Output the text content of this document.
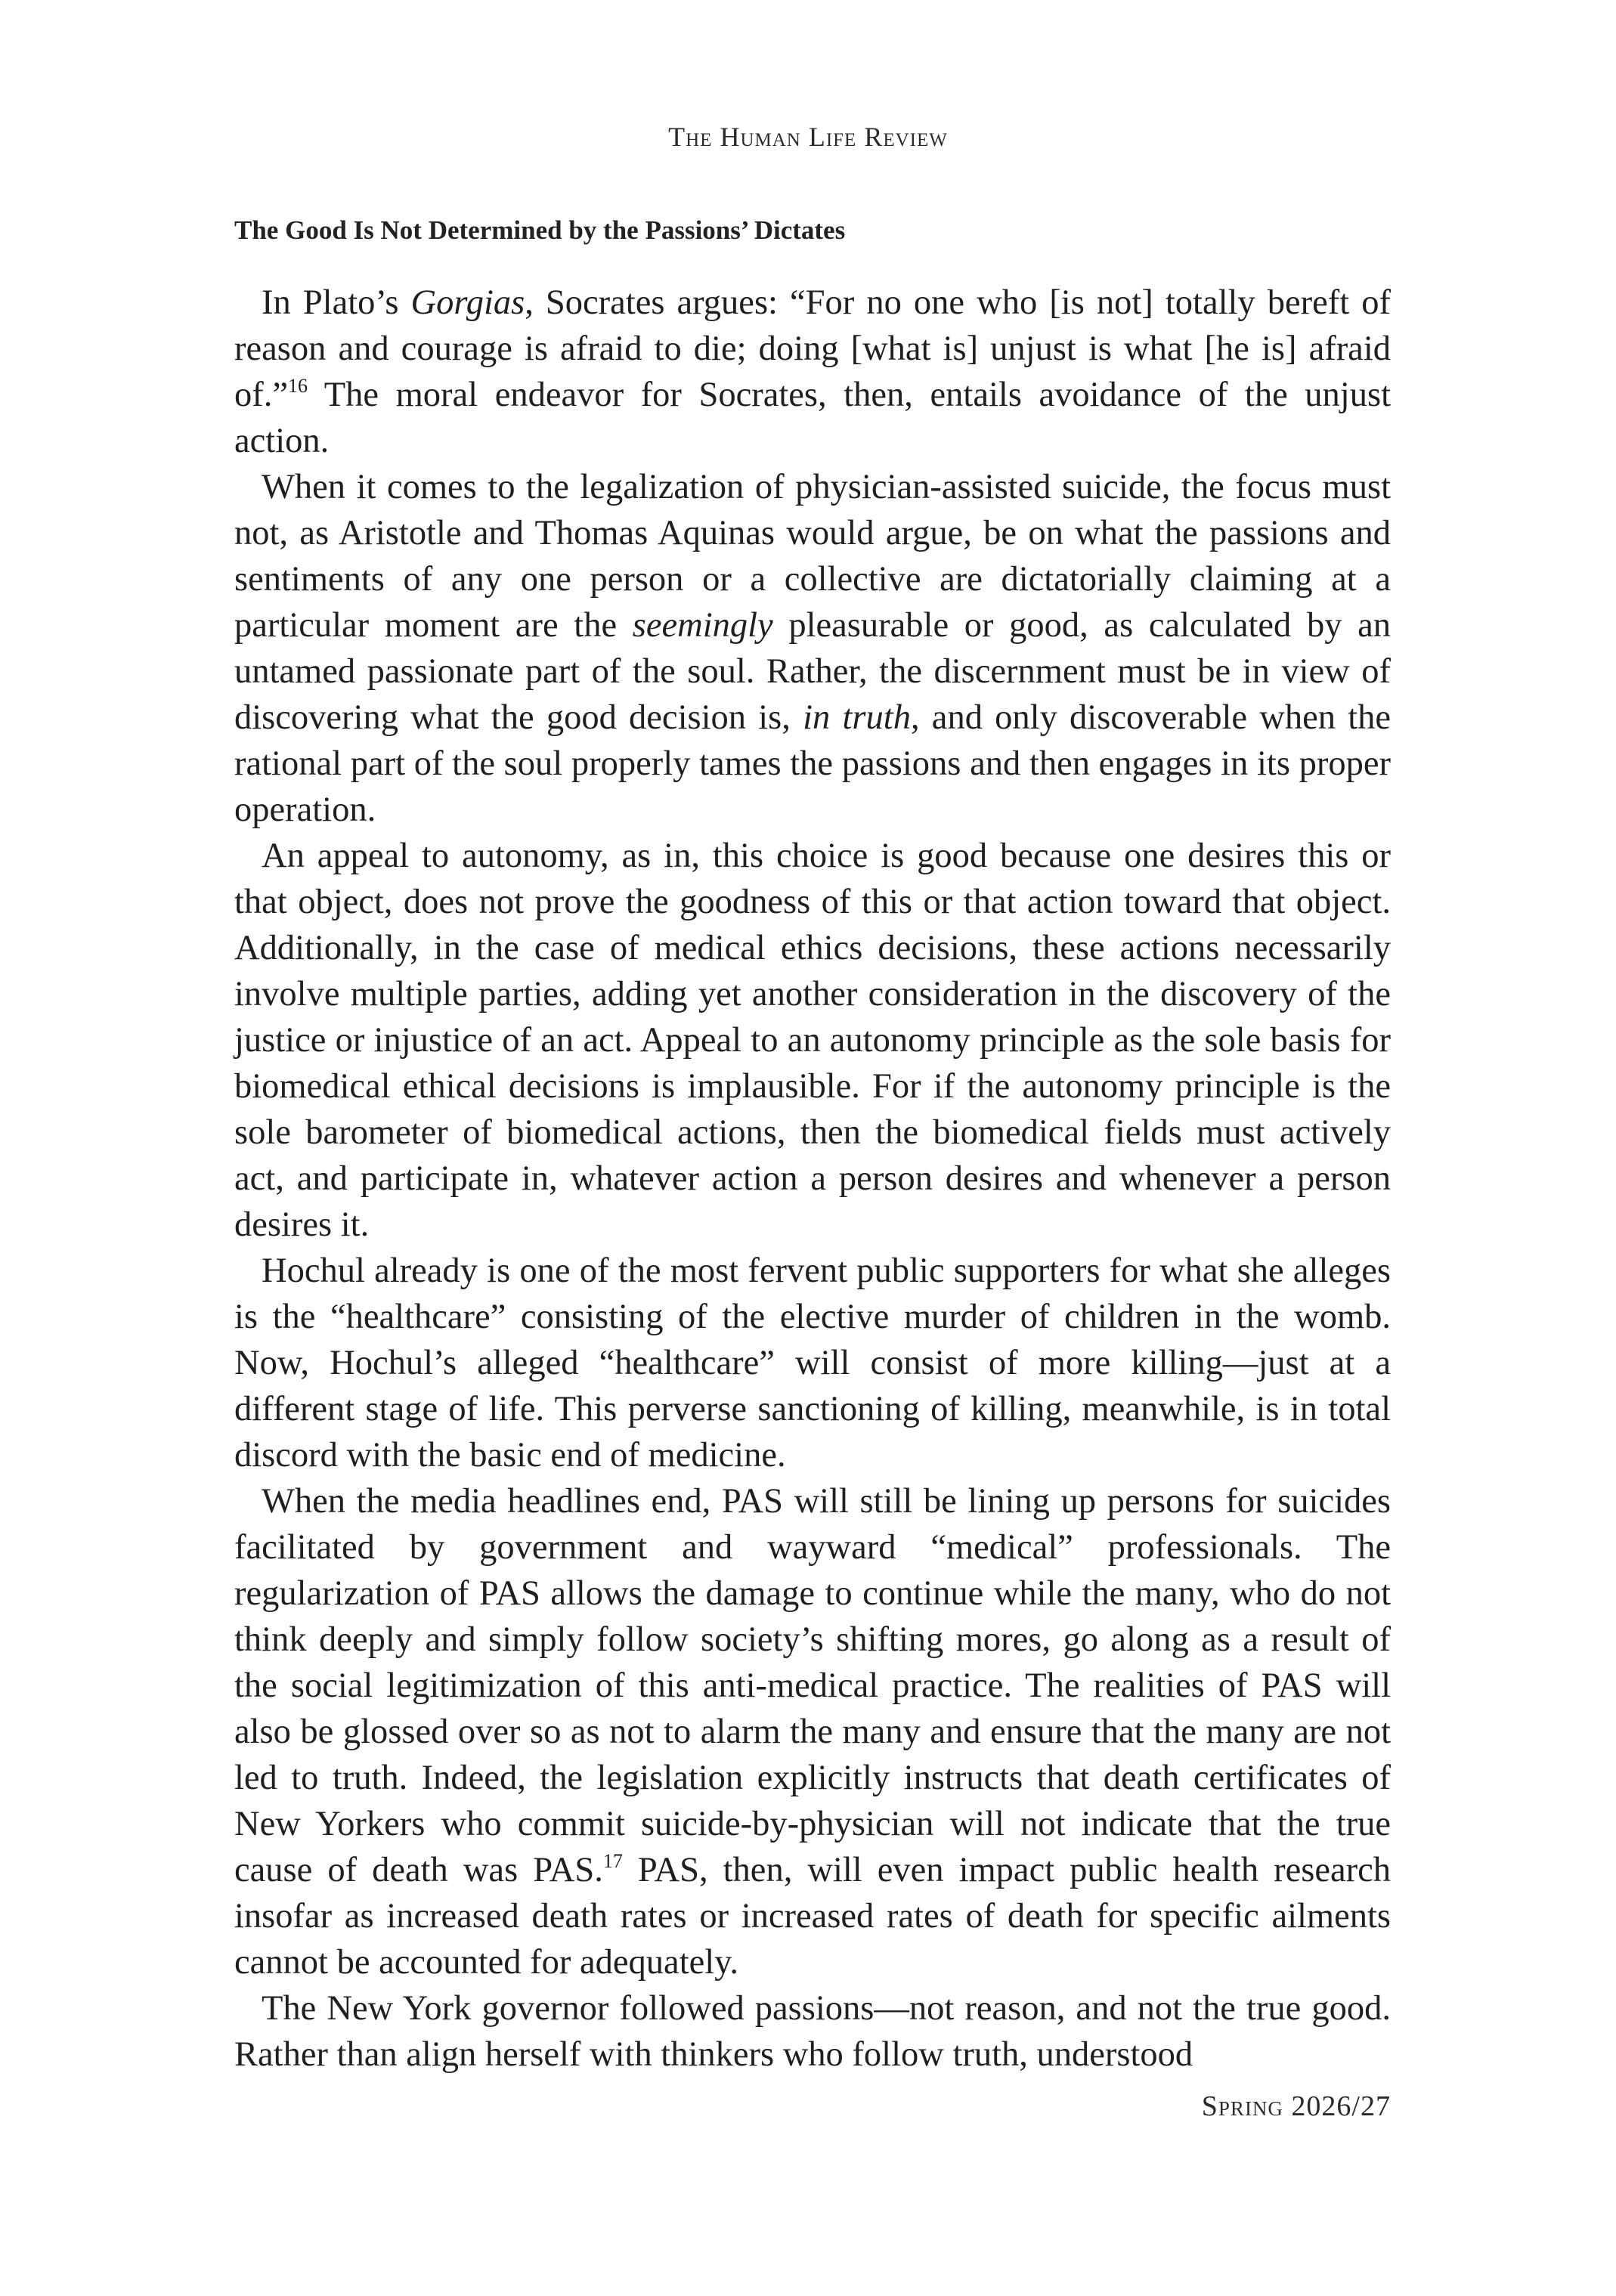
The Human Life Review
The Good Is Not Determined by the Passions’ Dictates

In Plato’s Gorgias, Socrates argues: “For no one who [is not] totally bereft of reason and courage is afraid to die; doing [what is] unjust is what [he is] afraid of.”$^{16}$ The moral endeavor for Socrates, then, entails avoidance of the unjust action.

When it comes to the legalization of physician-assisted suicide, the focus must not, as Aristotle and Thomas Aquinas would argue, be on what the passions and sentiments of any one person or a collective are dictatorially claiming at a particular moment are the seemingly pleasurable or good, as calculated by an untamed passionate part of the soul. Rather, the discernment must be in view of discovering what the good decision is, in truth, and only discoverable when the rational part of the soul properly tames the passions and then engages in its proper operation.

An appeal to autonomy, as in, this choice is good because one desires this or that object, does not prove the goodness of this or that action toward that object. Additionally, in the case of medical ethics decisions, these actions necessarily involve multiple parties, adding yet another consideration in the discovery of the justice or injustice of an act. Appeal to an autonomy principle as the sole basis for biomedical ethical decisions is implausible. For if the autonomy principle is the sole barometer of biomedical actions, then the biomedical fields must actively act, and participate in, whatever action a person desires and whenever a person desires it.

Hochul already is one of the most fervent public supporters for what she alleges is the “healthcare” consisting of the elective murder of children in the womb. Now, Hochul’s alleged “healthcare” will consist of more killing—just at a different stage of life. This perverse sanctioning of killing, meanwhile, is in total discord with the basic end of medicine.

When the media headlines end, PAS will still be lining up persons for suicides facilitated by government and wayward “medical” professionals. The regularization of PAS allows the damage to continue while the many, who do not think deeply and simply follow society’s shifting mores, go along as a result of the social legitimization of this anti-medical practice. The realities of PAS will also be glossed over so as not to alarm the many and ensure that the many are not led to truth. Indeed, the legislation explicitly instructs that death certificates of New Yorkers who commit suicide-by-physician will not indicate that the true cause of death was PAS.$^{17}$ PAS, then, will even impact public health research insofar as increased death rates or increased rates of death for specific ailments cannot be accounted for adequately.

The New York governor followed passions—not reason, and not the true good. Rather than align herself with thinkers who follow truth, understood

Spring 2026/27
